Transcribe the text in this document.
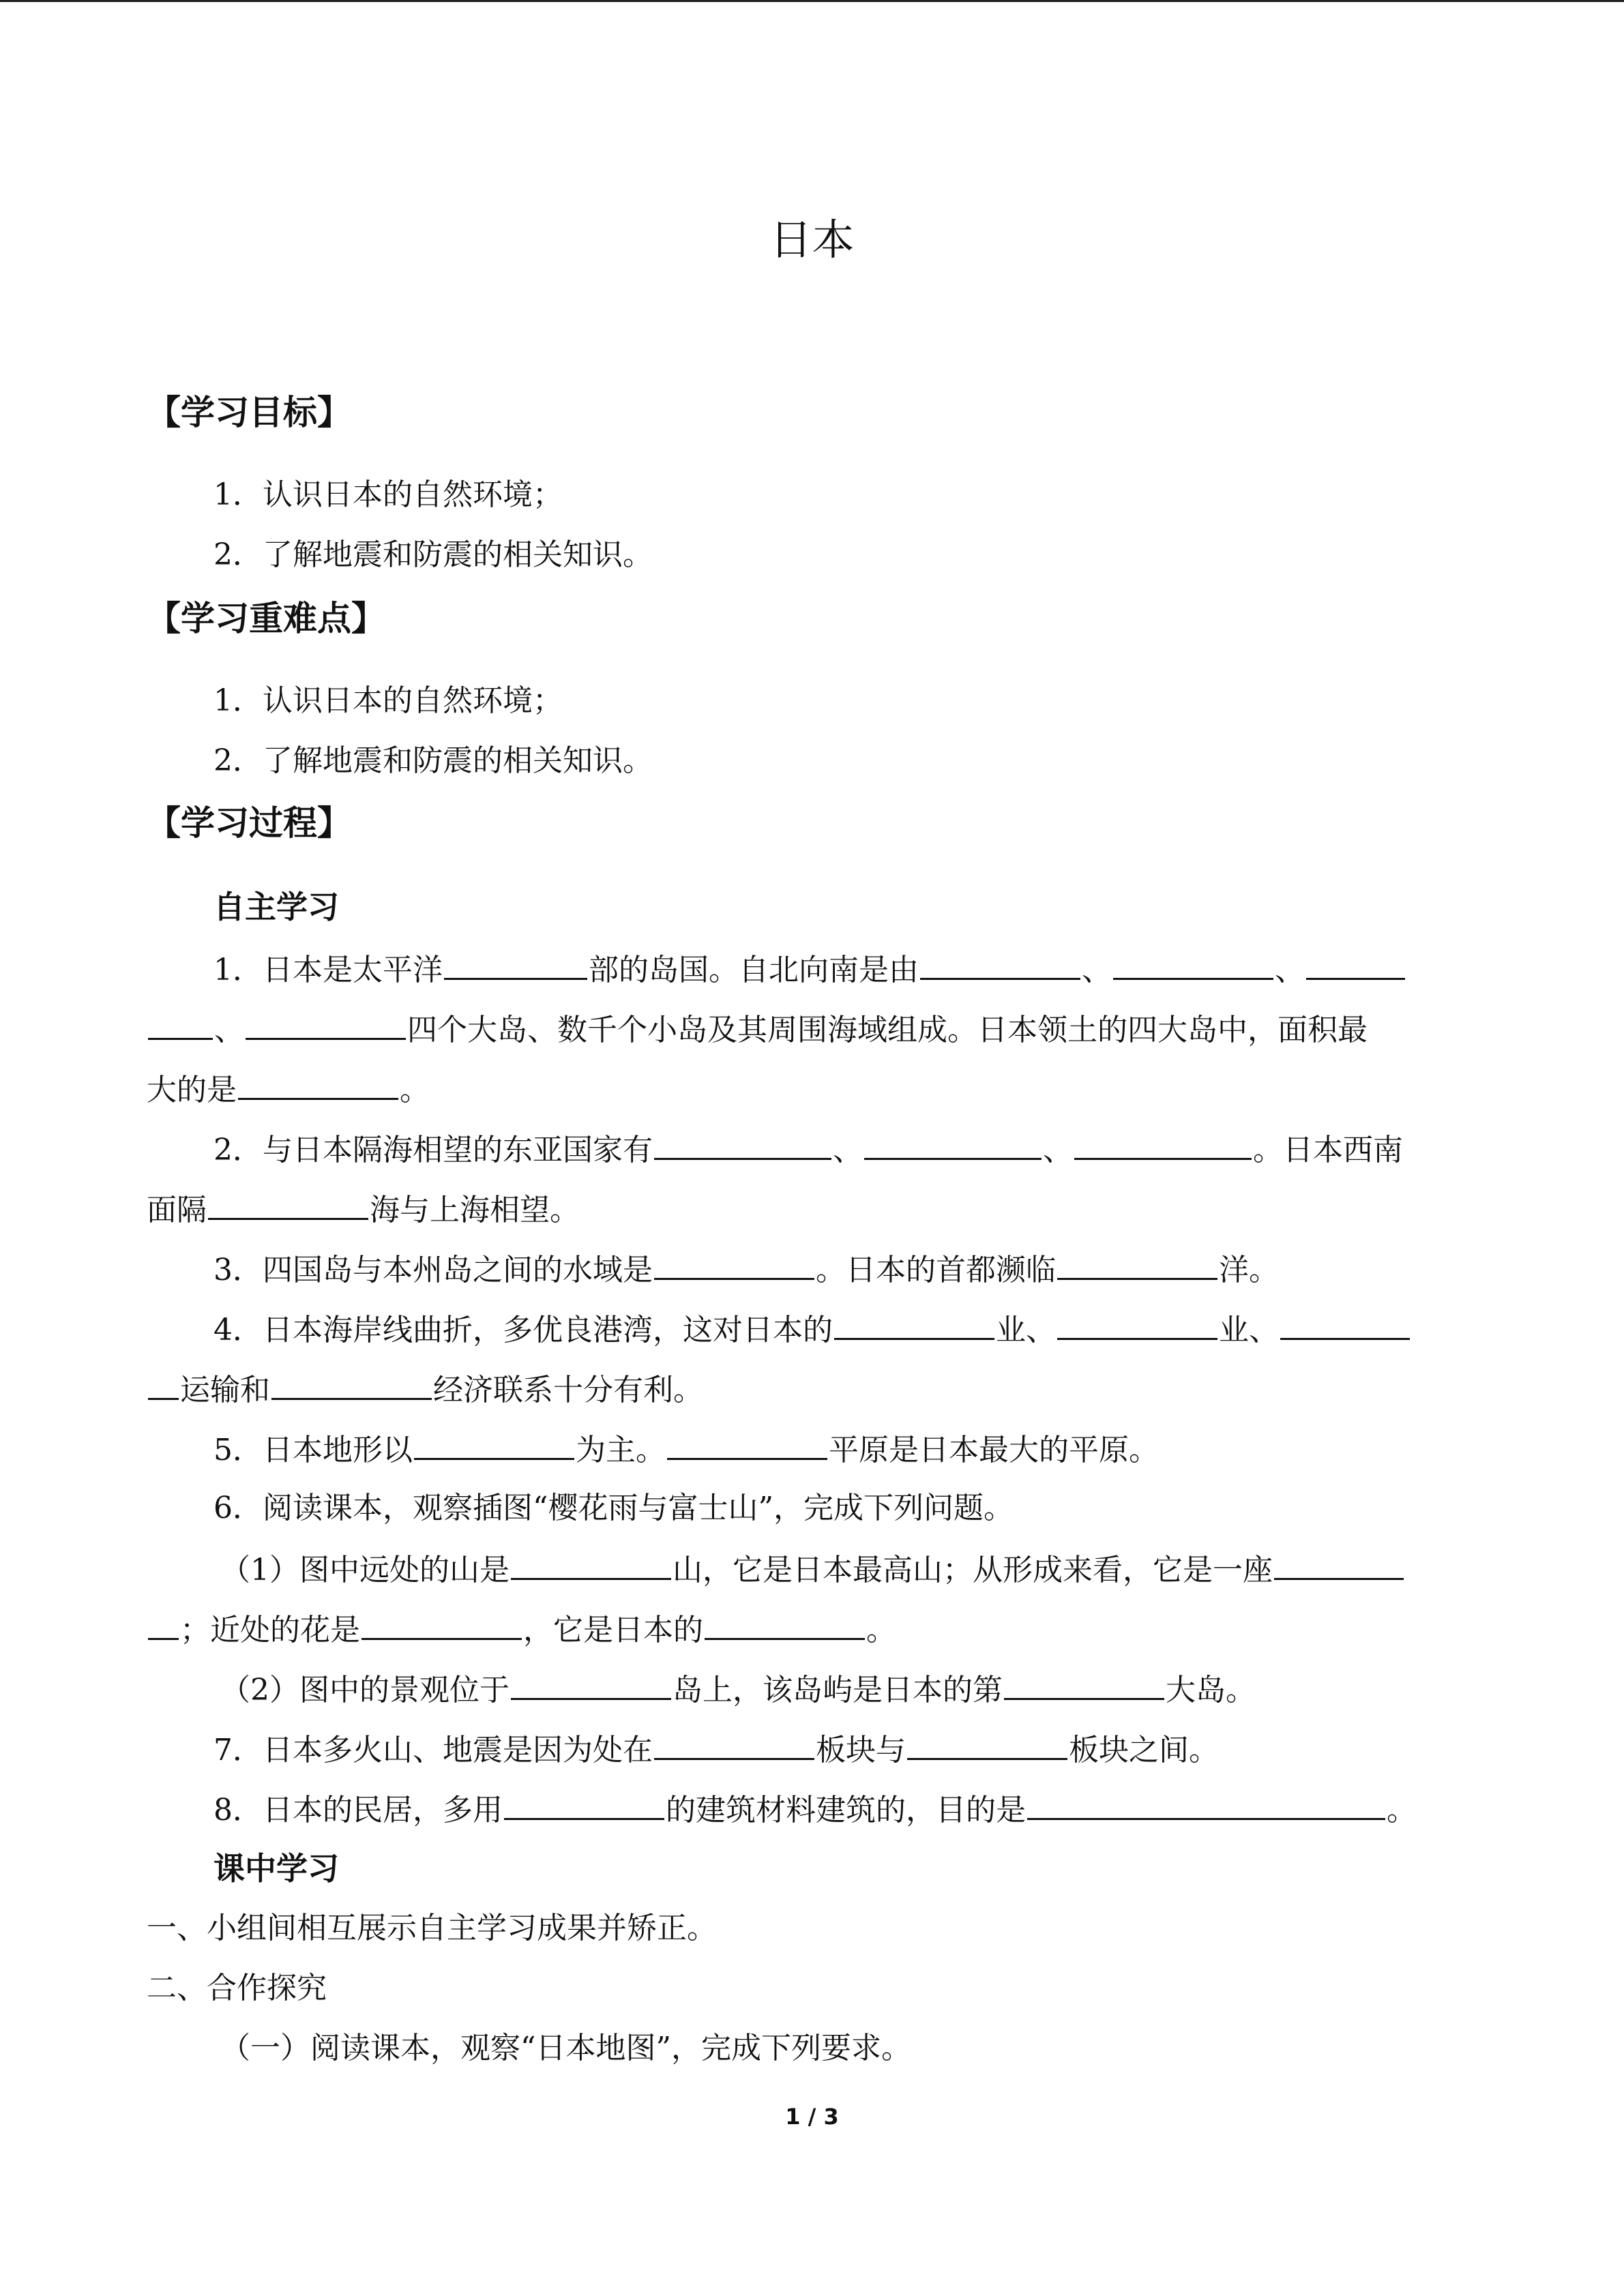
日本
【学习目标】
1．认识日本的自然环境；
2．了解地震和防震的相关知识。
【学习重难点】
1．认识日本的自然环境；
2．了解地震和防震的相关知识。
【学习过程】
自主学习
1．日本是太平洋	部的岛国。自北向南是由	、	、
、	四个大岛、数千个小岛及其周围海域组成。日本领土的四大岛中，面积最
大的是	。
2．与日本隔海相望的东亚国家有	、	、	。日本西南
面隔	海与上海相望。
3．四国岛与本州岛之间的水域是	。日本的首都濒临	洋。
4．日本海岸线曲折，多优良港湾，这对日本的	业、	业、
运输和	经济联系十分有利。
5．日本地形以	为主。	平原是日本最大的平原。
6．阅读课本，观察插图“樱花雨与富士山”，完成下列问题。
（1）图中远处的山是	山，它是日本最高山；从形成来看，它是一座
；近处的花是	，它是日本的	。
（2）图中的景观位于	岛上，该岛屿是日本的第	大岛。
7．日本多火山、地震是因为处在	板块与	板块之间。
8．日本的民居，多用	的建筑材料建筑的，目的是	。
课中学习
一、小组间相互展示自主学习成果并矫正。
二、合作探究
（一）阅读课本，观察“日本地图”，完成下列要求。
1 / 3
